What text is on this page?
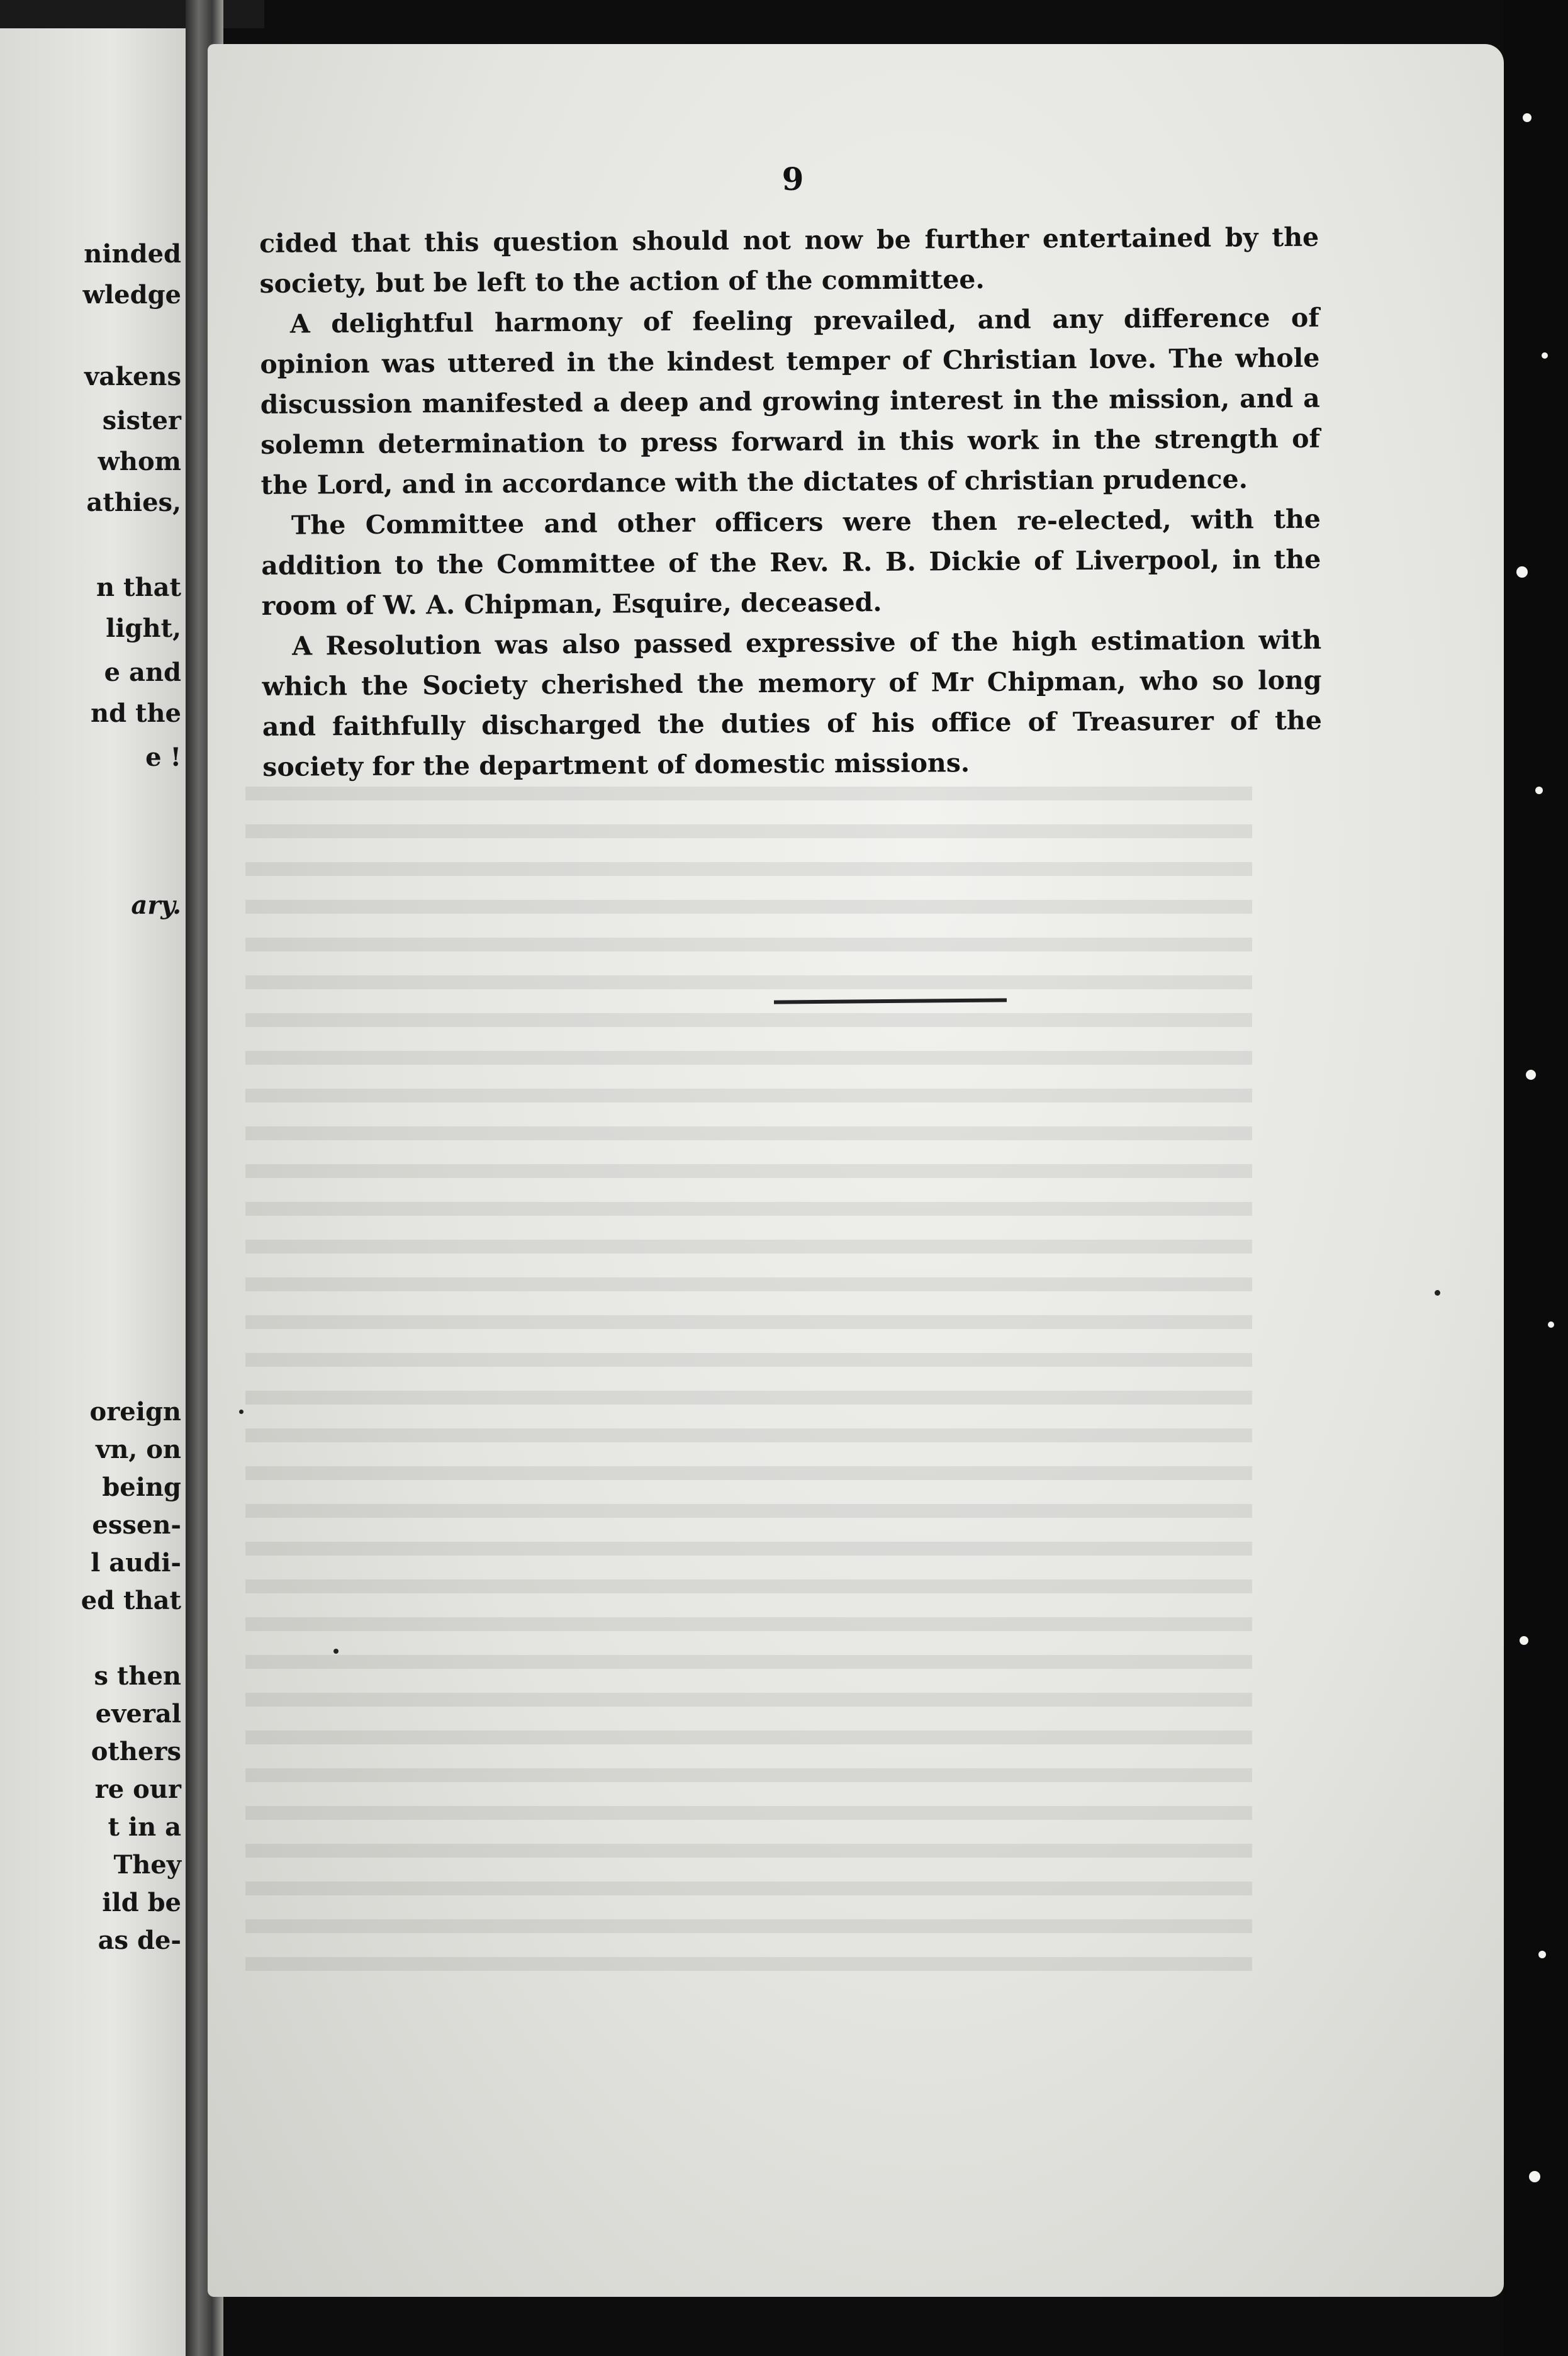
ninded
wledge
vakens
sister
whom
athies,
n that
light,
e and
nd the
e !
ary.
oreign
vn, on
being
essen-
l audi-
ed that
s then
everal
others
re our
t in a
They
ild be
as de-
9

cided that this question should not now be further entertained by the society, but be left to the action of the committee.

A delightful harmony of feeling prevailed, and any difference of opinion was uttered in the kindest temper of Christian love. The whole discussion manifested a deep and growing interest in the mission, and a solemn determination to press forward in this work in the strength of the Lord, and in accordance with the dictates of christian prudence.

The Committee and other officers were then re-elected, with the addition to the Committee of the Rev. R. B. Dickie of Liverpool, in the room of W. A. Chipman, Esquire, deceased.

A Resolution was also passed expressive of the high estimation with which the Society cherished the memory of Mr Chipman, who so long and faithfully discharged the duties of his office of Treasurer of the society for the department of domestic missions.
